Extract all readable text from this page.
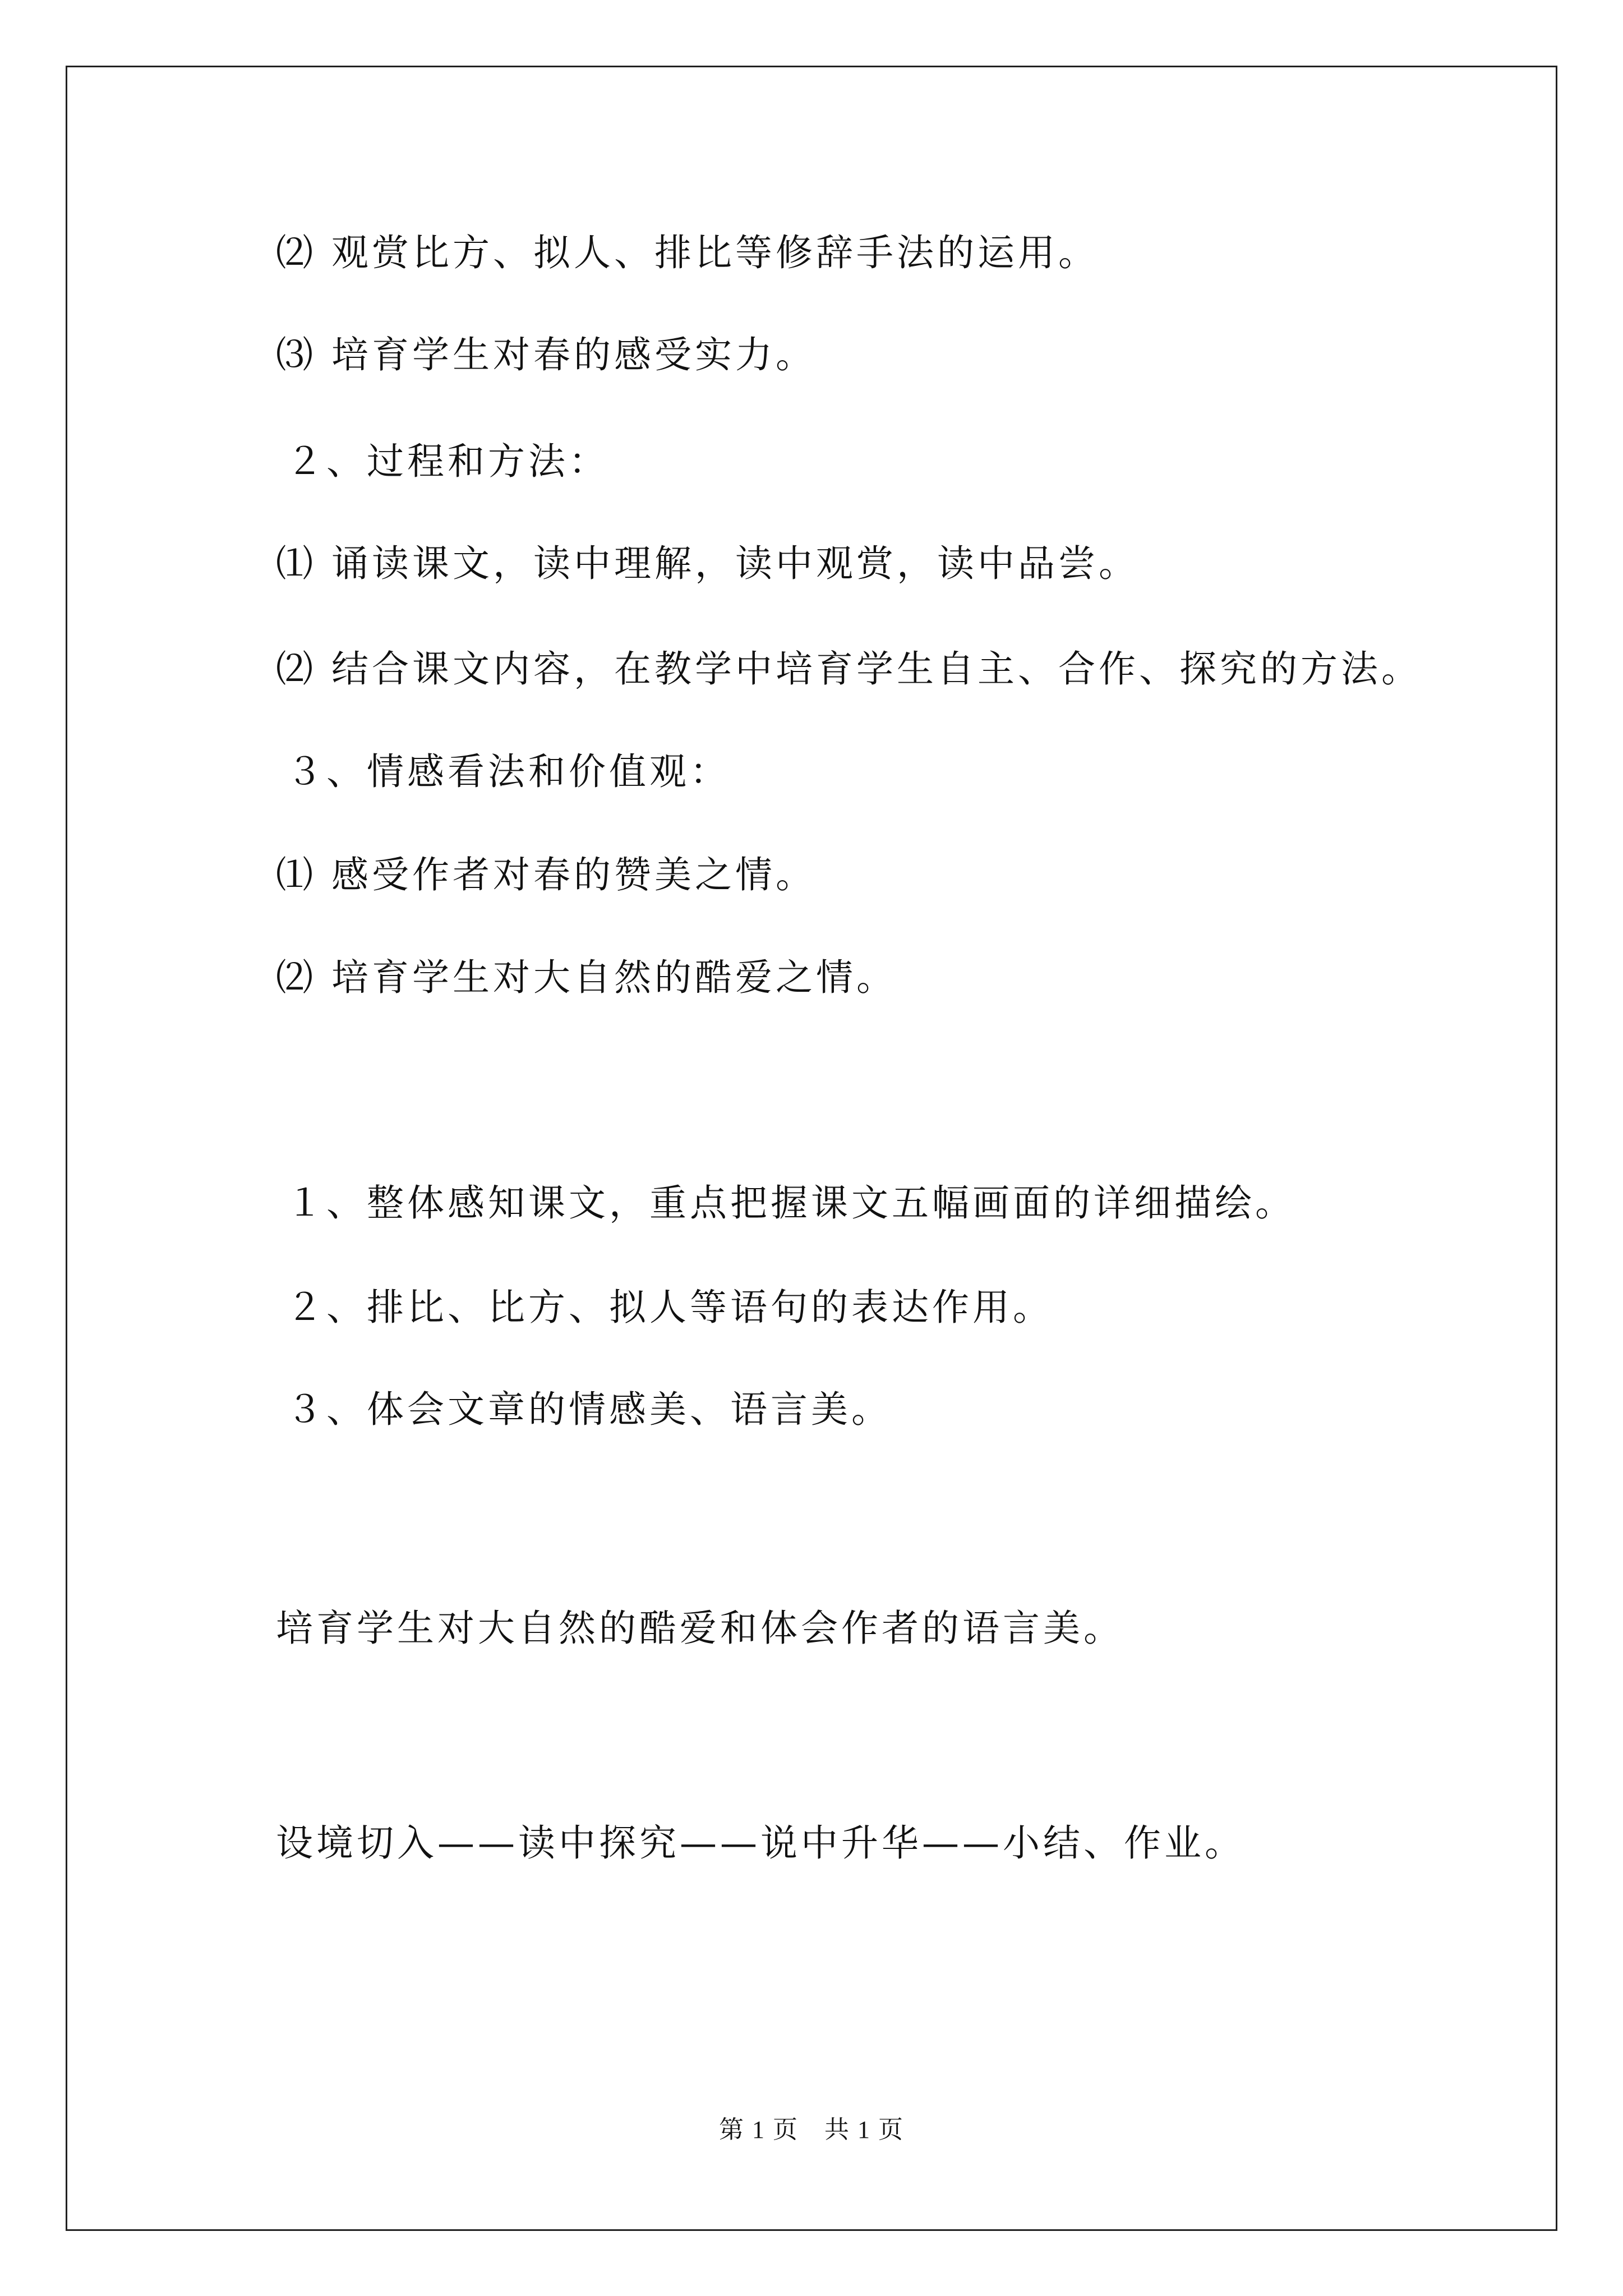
⑵ 观赏比方、拟人、排比等修辞手法的运用。
⑶ 培育学生对春的感受实力。
２、过程和方法：
⑴ 诵读课文，读中理解，读中观赏，读中品尝。
⑵ 结合课文内容，在教学中培育学生自主、合作、探究的方法。
３、情感看法和价值观：
⑴ 感受作者对春的赞美之情。
⑵ 培育学生对大自然的酷爱之情。
１、整体感知课文，重点把握课文五幅画面的详细描绘。
２、排比、比方、拟人等语句的表达作用。
３、体会文章的情感美、语言美。
培育学生对大自然的酷爱和体会作者的语言美。
设境切入——读中探究——说中升华——小结、作业。
第 1 页　共 1 页
